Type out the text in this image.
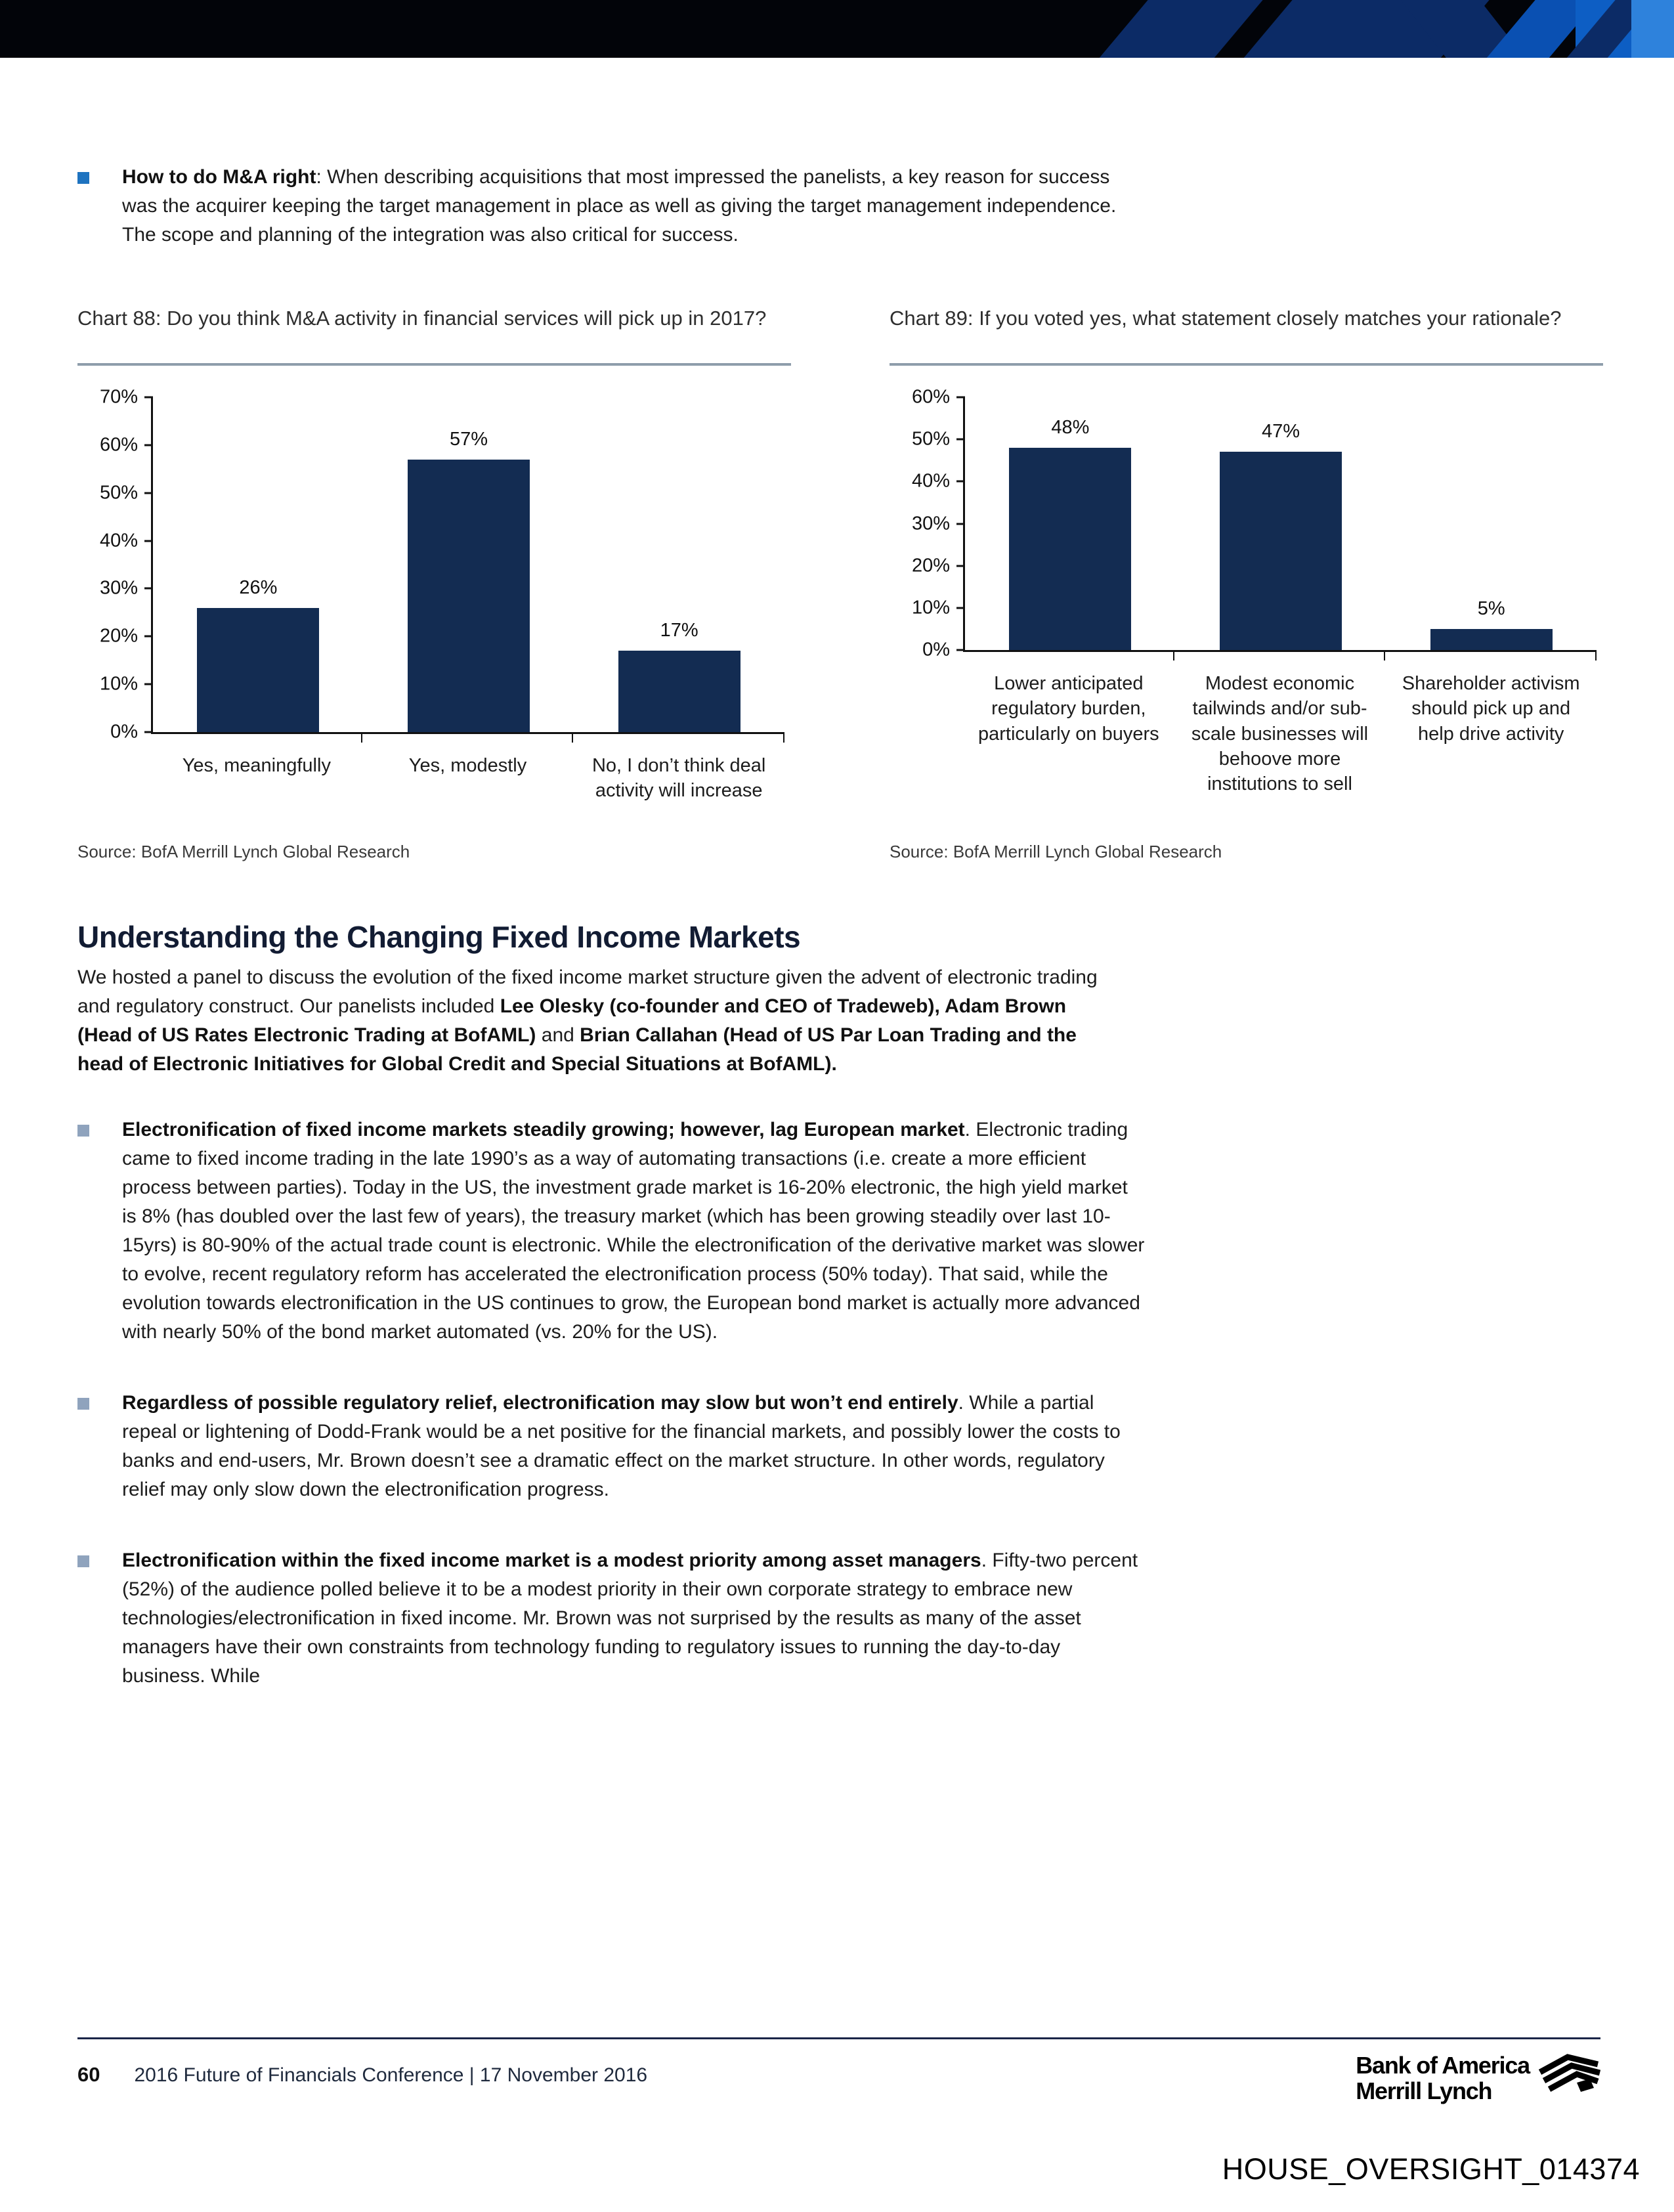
How to do M&A right: When describing acquisitions that most impressed the panelists, a key reason for success was the acquirer keeping the target management in place as well as giving the target management independence. The scope and planning of the integration was also critical for success.
Chart 88: Do you think M&A activity in financial services will pick up in 2017?
0%
10%
20%
30%
40%
50%
60%
70%
26%
57%
17%
Yes, meaningfully	Yes, modestly	No, I don’t think deal activity will increase
Source: BofA Merrill Lynch Global Research
Chart 89: If you voted yes, what statement closely matches your rationale?
0%
10%
20%
30%
40%
50%
60%
48%	47%
5%
Lower anticipated regulatory burden, particularly on buyers
Modest economic tailwinds and/or sub-scale businesses will behoove more institutions to sell
Shareholder activism should pick up and help drive activity
Source: BofA Merrill Lynch Global Research
Understanding the Changing Fixed Income Markets

We hosted a panel to discuss the evolution of the fixed income market structure given the advent of electronic trading and regulatory construct. Our panelists included Lee Olesky (co-founder and CEO of Tradeweb), Adam Brown (Head of US Rates Electronic Trading at BofAML) and Brian Callahan (Head of US Par Loan Trading and the head of Electronic Initiatives for Global Credit and Special Situations at BofAML).

Electronification of fixed income markets steadily growing; however, lag European market. Electronic trading came to fixed income trading in the late 1990’s as a way of automating transactions (i.e. create a more efficient process between parties). Today in the US, the investment grade market is 16-20% electronic, the high yield market is 8% (has doubled over the last few of years), the treasury market (which has been growing steadily over last 10-15yrs) is 80-90% of the actual trade count is electronic. While the electronification of the derivative market was slower to evolve, recent regulatory reform has accelerated the electronification process (50% today). That said, while the evolution towards electronification in the US continues to grow, the European bond market is actually more advanced with nearly 50% of the bond market automated (vs. 20% for the US).
Regardless of possible regulatory relief, electronification may slow but won’t end entirely. While a partial repeal or lightening of Dodd-Frank would be a net positive for the financial markets, and possibly lower the costs to banks and end-users, Mr. Brown doesn’t see a dramatic effect on the market structure. In other words, regulatory relief may only slow down the electronification progress.
Electronification within the fixed income market is a modest priority among asset managers. Fifty-two percent (52%) of the audience polled believe it to be a modest priority in their own corporate strategy to embrace new technologies/electronification in fixed income. Mr. Brown was not surprised by the results as many of the asset managers have their own constraints from technology funding to regulatory issues to running the day-to-day business. While
60 2016 Future of Financials Conference | 17 November 2016	Bank of America
Merrill Lynch
HOUSE_OVERSIGHT_014374
